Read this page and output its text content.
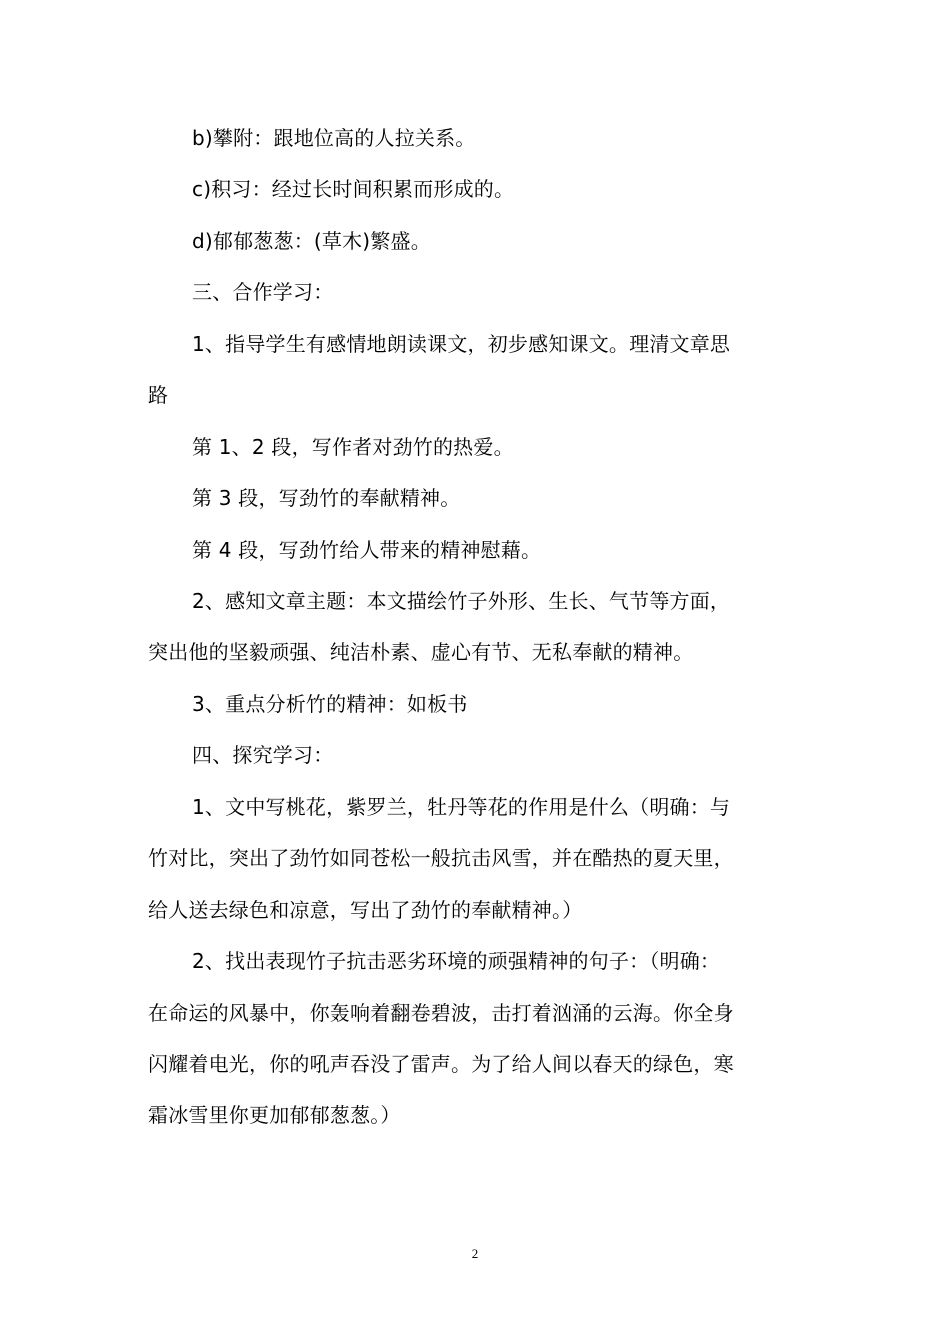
b)攀附：跟地位高的人拉关系。
c)积习：经过长时间积累而形成的。
d)郁郁葱葱：(草木)繁盛。
三、合作学习：
1、指导学生有感情地朗读课文，初步感知课文。理清文章思
路
第 1、2 段，写作者对劲竹的热爱。
第 3 段，写劲竹的奉献精神。
第 4 段，写劲竹给人带来的精神慰藉。
2、感知文章主题：本文描绘竹子外形、生长、气节等方面，
突出他的坚毅顽强、纯洁朴素、虚心有节、无私奉献的精神。
3、重点分析竹的精神：如板书
四、探究学习：
1、文中写桃花，紫罗兰，牡丹等花的作用是什么（明确：与
竹对比，突出了劲竹如同苍松一般抗击风雪，并在酷热的夏天里，
给人送去绿色和凉意，写出了劲竹的奉献精神。）
2、找出表现竹子抗击恶劣环境的顽强精神的句子：（明确：
在命运的风暴中，你轰响着翻卷碧波，击打着汹涌的云海。你全身
闪耀着电光，你的吼声吞没了雷声。为了给人间以春天的绿色，寒
霜冰雪里你更加郁郁葱葱。）
2
